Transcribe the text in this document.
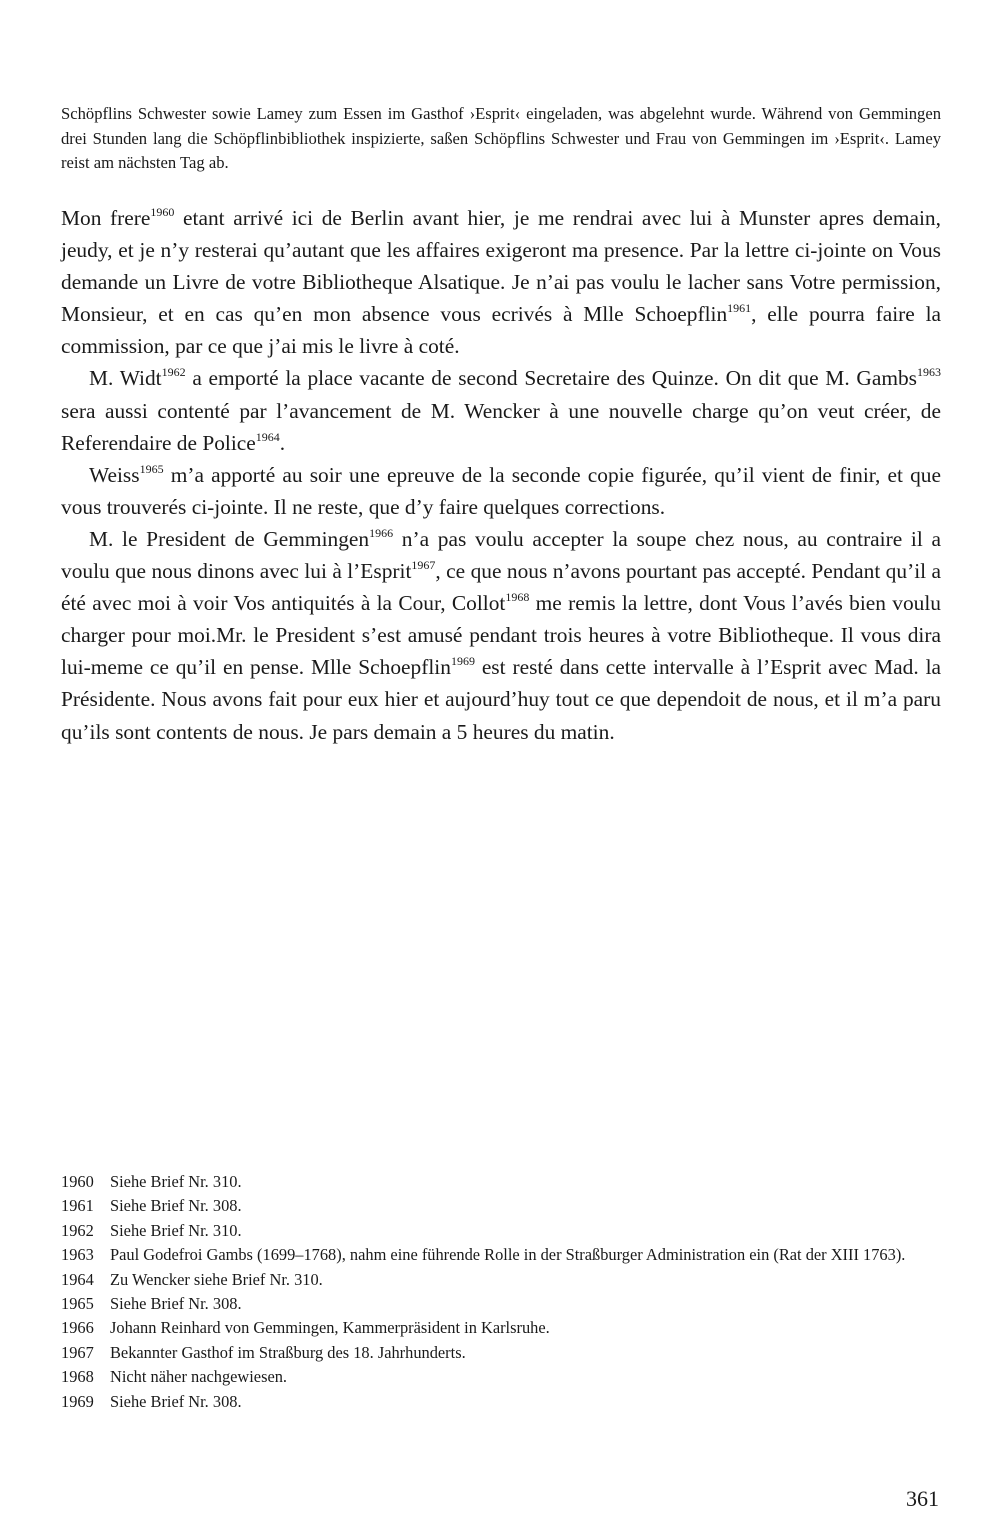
Schöpflins Schwester sowie Lamey zum Essen im Gasthof ›Esprit‹ eingeladen, was abgelehnt wurde. Während von Gemmingen drei Stunden lang die Schöpflinbibliothek inspizierte, saßen Schöpflins Schwester und Frau von Gemmingen im ›Esprit‹. Lamey reist am nächsten Tag ab.

Mon frere$^{1960}$ etant arrivé ici de Berlin avant hier, je me rendrai avec lui à Munster apres demain, jeudy, et je n’y resterai qu’autant que les affaires exigeront ma presence. Par la lettre ci-jointe on Vous demande un Livre de votre Bibliotheque Alsatique. Je n’ai pas voulu le lacher sans Votre permission, Monsieur, et en cas qu’en mon absence vous ecrivés à Mlle Schoepflin$^{1961}$, elle pourra faire la commission, par ce que j’ai mis le livre à coté.

M. Widt$^{1962}$ a emporté la place vacante de second Secretaire des Quinze. On dit que M. Gambs$^{1963}$ sera aussi contenté par l’avancement de M. Wencker à une nouvelle charge qu’on veut créer, de Referendaire de Police$^{1964}$.

Weiss$^{1965}$ m’a apporté au soir une epreuve de la seconde copie figurée, qu’il vient de finir, et que vous trouverés ci-jointe. Il ne reste, que d’y faire quelques corrections.

M. le President de Gemmingen$^{1966}$ n’a pas voulu accepter la soupe chez nous, au contraire il a voulu que nous dinons avec lui à l’Esprit$^{1967}$, ce que nous n’avons pourtant pas accepté. Pendant qu’il a été avec moi à voir Vos antiquités à la Cour, Collot$^{1968}$ me remis la lettre, dont Vous l’avés bien voulu charger pour moi.Mr. le President s’est amusé pendant trois heures à votre Bibliotheque. Il vous dira lui-meme ce qu’il en pense. Mlle Schoepflin$^{1969}$ est resté dans cette intervalle à l’Esprit avec Mad. la Présidente. Nous avons fait pour eux hier et aujourd’huy tout ce que dependoit de nous, et il m’a paru qu’ils sont contents de nous. Je pars demain a 5 heures du matin.

1960 Siehe Brief Nr. 310.
1961 Siehe Brief Nr. 308.
1962 Siehe Brief Nr. 310.
1963 Paul Godefroi Gambs (1699–1768), nahm eine führende Rolle in der Straßburger Administration ein (Rat der XIII 1763).
1964 Zu Wencker siehe Brief Nr. 310.
1965 Siehe Brief Nr. 308.
1966 Johann Reinhard von Gemmingen, Kammerpräsident in Karlsruhe.
1967 Bekannter Gasthof im Straßburg des 18. Jahrhunderts.
1968 Nicht näher nachgewiesen.
1969 Siehe Brief Nr. 308.
361
